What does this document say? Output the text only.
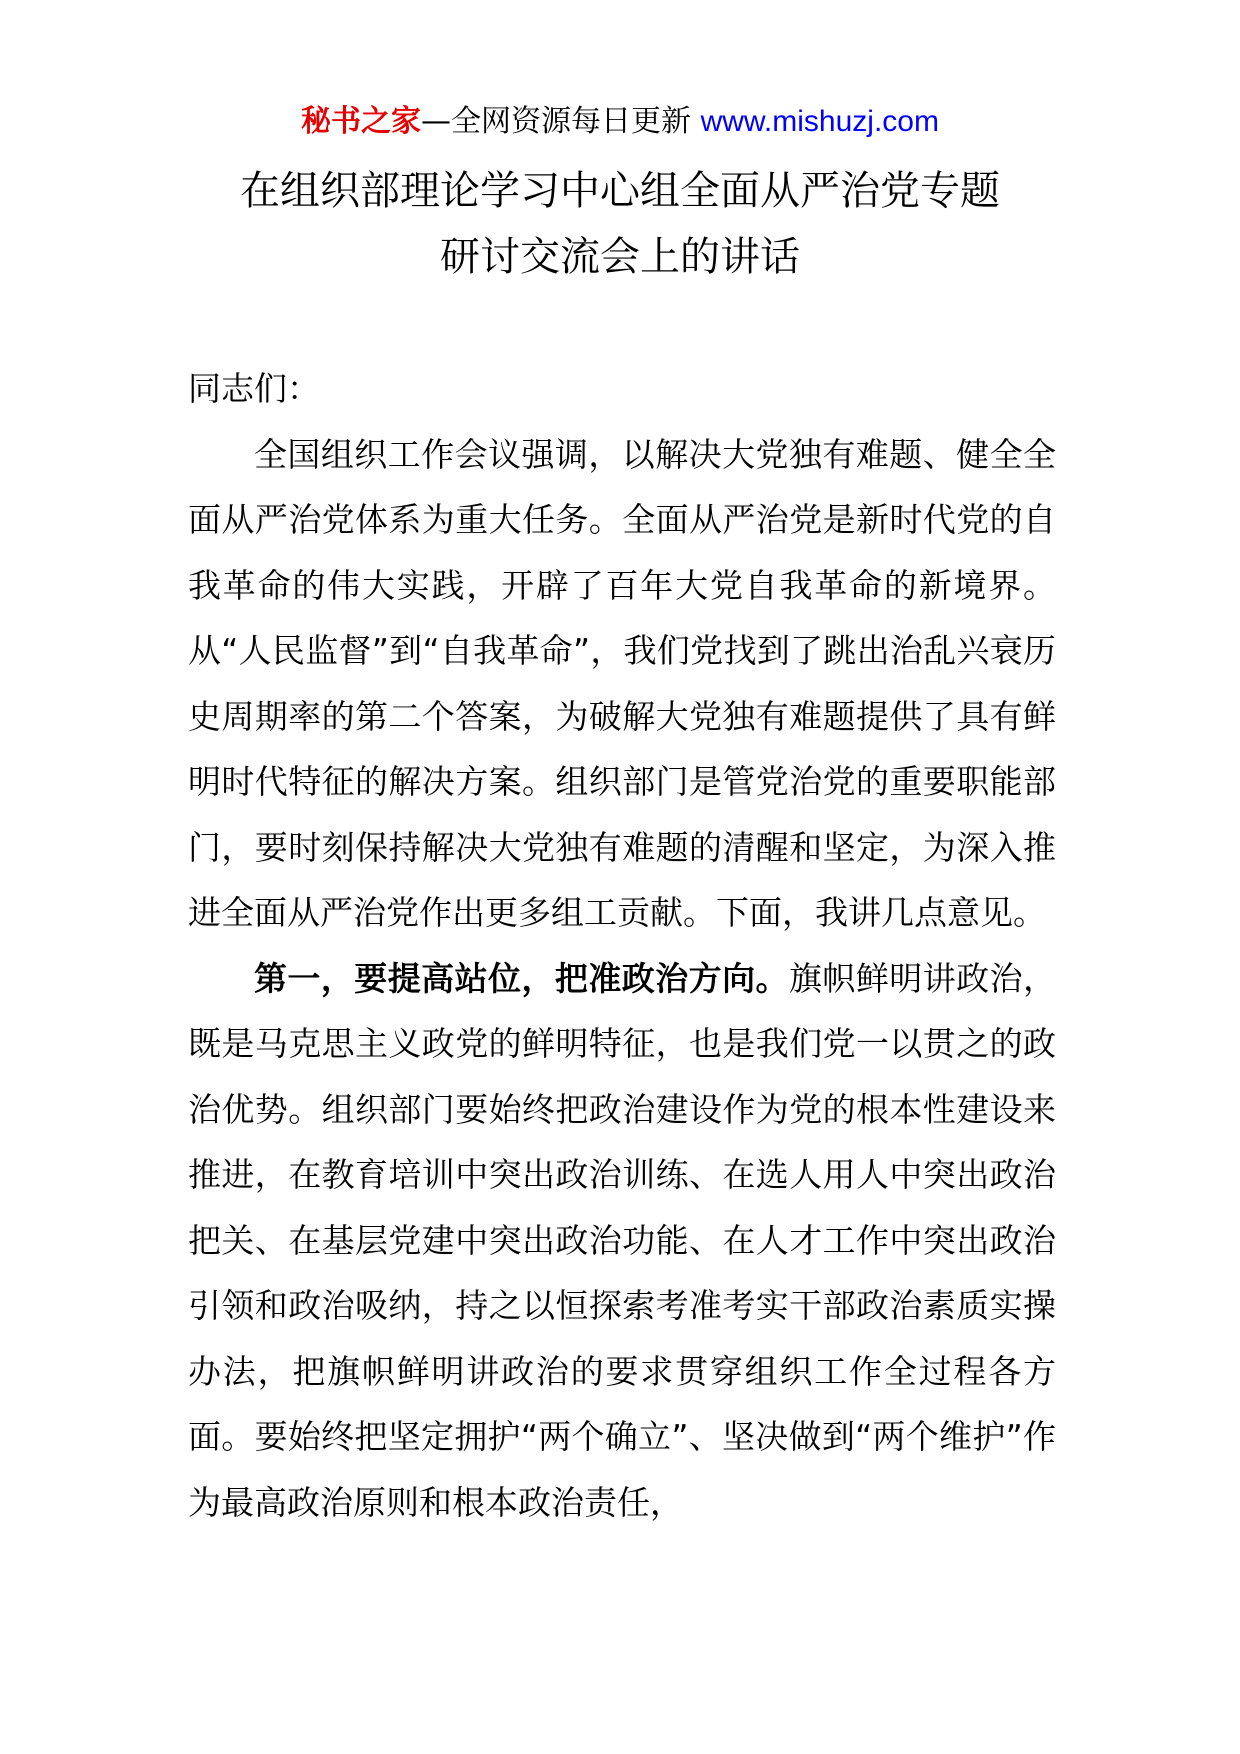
秘书之家—全网资源每日更新 www.mishuzj.com
在组织部理论学习中心组全面从严治党专题
研讨交流会上的讲话

同志们：

全国组织工作会议强调，以解决大党独有难题、健全全面从严治党体系为重大任务。全面从严治党是新时代党的自我革命的伟大实践，开辟了百年大党自我革命的新境界。从“人民监督”到“自我革命”，我们党找到了跳出治乱兴衰历史周期率的第二个答案，为破解大党独有难题提供了具有鲜明时代特征的解决方案。组织部门是管党治党的重要职能部门，要时刻保持解决大党独有难题的清醒和坚定，为深入推进全面从严治党作出更多组工贡献。下面，我讲几点意见。

第一，要提高站位，把准政治方向。旗帜鲜明讲政治，既是马克思主义政党的鲜明特征，也是我们党一以贯之的政治优势。组织部门要始终把政治建设作为党的根本性建设来推进，在教育培训中突出政治训练、在选人用人中突出政治把关、在基层党建中突出政治功能、在人才工作中突出政治引领和政治吸纳，持之以恒探索考准考实干部政治素质实操办法，把旗帜鲜明讲政治的要求贯穿组织工作全过程各方面。要始终把坚定拥护“两个确立”、坚决做到“两个维护”作为最高政治原则和根本政治责任，
